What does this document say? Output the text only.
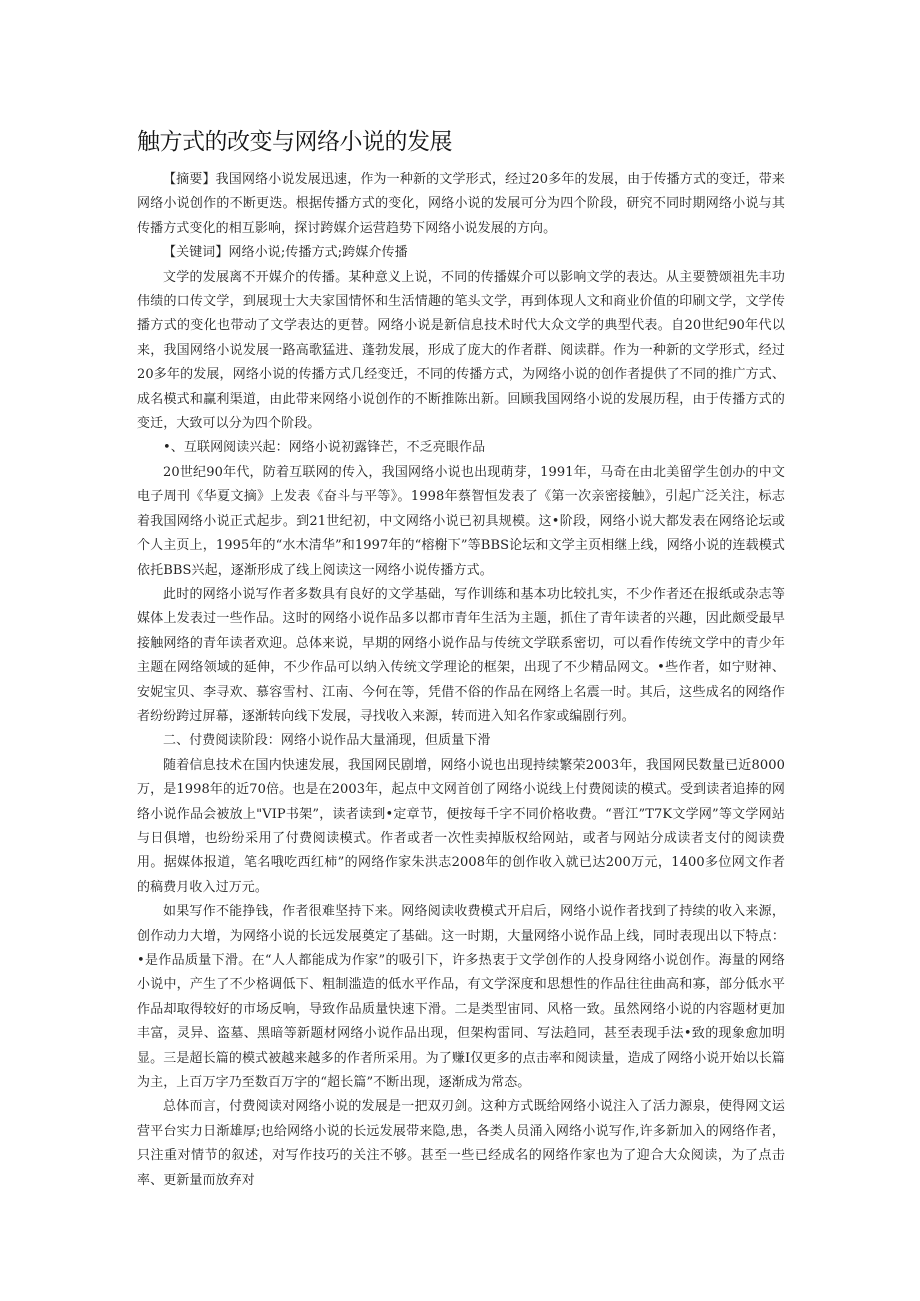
触方式的改变与网络小说的发展

【摘要】我国网络小说发展迅速，作为一种新的文学形式，经过20多年的发展，由于传播方式的变迁，带来网络小说创作的不断更迭。根据传播方式的变化，网络小说的发展可分为四个阶段，研究不同时期网络小说与其传播方式变化的相互影响，探讨跨媒介运营趋势下网络小说发展的方向。

【关键词】网络小说;传播方式;跨媒介传播

文学的发展离不开媒介的传播。某种意义上说，不同的传播媒介可以影响文学的表达。从主要赞颂祖先丰功伟绩的口传文学，到展现士大夫家国情怀和生活情趣的笔头文学，再到体现人文和商业价值的印刷文学，文学传播方式的变化也带动了文学表达的更替。网络小说是新信息技术时代大众文学的典型代表。自20世纪90年代以来，我国网络小说发展一路高歌猛进、蓬勃发展，形成了庞大的作者群、阅读群。作为一种新的文学形式，经过20多年的发展，网络小说的传播方式几经变迁，不同的传播方式，为网络小说的创作者提供了不同的推广方式、成名模式和赢利渠道，由此带来网络小说创作的不断推陈出新。回顾我国网络小说的发展历程，由于传播方式的变迁，大致可以分为四个阶段。

•、互联网阅读兴起：网络小说初露锋芒，不乏亮眼作品

20世纪90年代，防着互联网的传入，我国网络小说也出现萌芽，1991年，马奇在由北美留学生创办的中文电子周刊《华夏文摘》上发表《奋斗与平等》。1998年蔡智恒发表了《第一次亲密接触》，引起广泛关注，标志着我国网络小说正式起步。到21世纪初，中文网络小说已初具规模。这•阶段，网络小说大都发表在网络论坛或个人主页上，1995年的“水木清华”和1997年的“榕榭下”等BBS论坛和文学主页相继上线，网络小说的连载模式依托BBS兴起，逐渐形成了线上阅读这一网络小说传播方式。

此时的网络小说写作者多数具有良好的文学基础，写作训练和基本功比较扎实，不少作者还在报纸或杂志等媒体上发表过一些作品。这时的网络小说作品多以都市青年生活为主题，抓住了青年读者的兴趣，因此颇受最早接触网络的青年读者欢迎。总体来说，早期的网络小说作品与传统文学联系密切，可以看作传统文学中的青少年主题在网络领域的延伸，不少作品可以纳入传统文学理论的框架，出现了不少精品网文。•些作者，如宁财神、安妮宝贝、李寻欢、慕容雪村、江南、今何在等，凭借不俗的作品在网络上名震一时。其后，这些成名的网络作者纷纷跨过屏幕，逐渐转向线下发展，寻找收入来源，转而进入知名作家或编剧行列。

二、付费阅读阶段：网络小说作品大量涌现，但质量下滑

随着信息技术在国内快速发展，我国网民剧增，网络小说也出现持续繁荣2003年，我国网民数量已近8000万，是1998年的近70倍。也是在2003年，起点中文网首创了网络小说线上付费阅读的模式。受到读者追捧的网络小说作品会被放上"VIP书架”，读者读到•定章节，便按每千字不同价格收费。“晋江”T7K文学网”等文学网站与日俱增，也纷纷采用了付费阅读模式。作者或者一次性卖掉版权给网站，或者与网站分成读者支付的阅读费用。据媒体报道，笔名哦吃西红柿”的网络作家朱洪志2008年的创作收入就已达200万元，1400多位网文作者的稿费月收入过万元。

如果写作不能挣钱，作者很难坚持下来。网络阅读收费模式开启后，网络小说作者找到了持续的收入来源，创作动力大增，为网络小说的长远发展奠定了基础。这一时期，大量网络小说作品上线，同时表现出以下特点：•是作品质量下滑。在“人人都能成为作家”的吸引下，许多热衷于文学创作的人投身网络小说创作。海量的网络小说中，产生了不少格调低下、粗制滥造的低水平作品，有文学深度和思想性的作品往往曲高和寡，部分低水平作品却取得较好的市场反响，导致作品质量快速下滑。二是类型宙同、风格一致。虽然网络小说的内容题材更加丰富，灵异、盗墓、黑暗等新题材网络小说作品出现，但架构雷同、写法趋同，甚至表现手法•致的现象愈加明显。三是超长篇的模式被越来越多的作者所采用。为了赚Ⅰ仅更多的点击率和阅读量，造成了网络小说开始以长篇为主，上百万字乃至数百万字的“超长篇”不断出现，逐渐成为常态。

总体而言，付费阅读对网络小说的发展是一把双刃剑。这种方式既给网络小说注入了活力源泉，使得网文运营平台实力日渐雄厚;也给网络小说的长远发展带来隐,患，各类人员涌入网络小说写作,许多新加入的网络作者，只注重对情节的叙述，对写作技巧的关注不够。甚至一些已经成名的网络作家也为了迎合大众阅读，为了点击率、更新量而放弃对
